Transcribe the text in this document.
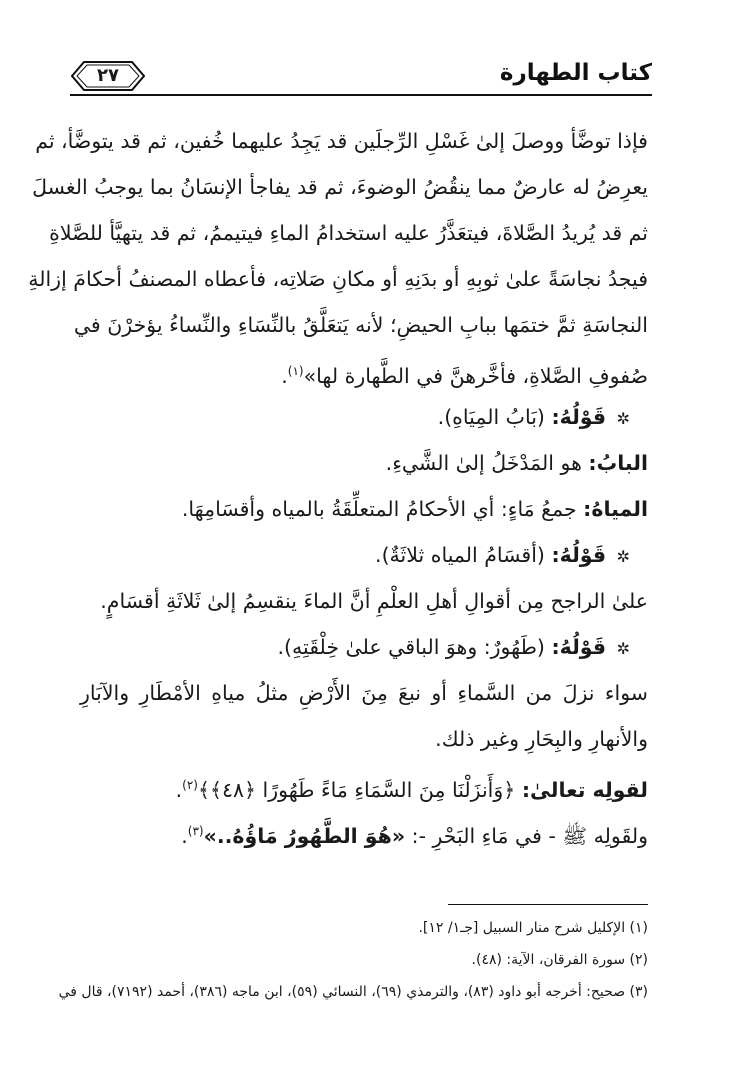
كتاب الطهارة
٢٧
فإذا توضَّأ ووصلَ إلىٰ غَسْلِ الرِّجلَين قد يَجِدُ عليهما خُفين، ثم قد يتوضَّأ، ثم
يعرِضُ له عارضٌ مما ينقُضُ الوضوءَ، ثم قد يفاجأ الإنسَانُ بما يوجبُ الغسلَ
ثم قد يُريدُ الصَّلاةَ، فيتعَذَّرُ عليه استخدامُ الماءِ فيتيممُ، ثم قد يتهيَّأ للصَّلاةِ
فيجدُ نجاسَةً علىٰ ثوبِهِ أو بدَنِهِ أو مكانِ صَلاتِه، فأعطاه المصنفُ أحكامَ إزالةِ
النجاسَةِ ثمَّ ختمَها ببابِ الحيضِ؛ لأنه يَتعَلَّقُ بالنِّسَاءِ والنِّساءُ يؤخرْنَ في
صُفوفِ الصَّلاةِ، فأخَّرهنَّ في الطَّهارة لها»$^{(١)}$.
✲ قَوْلُهُ: (بَابُ المِيَاهِ).
البابُ: هو المَدْخَلُ إلىٰ الشَّيءِ.
المياهُ: جمعُ مَاءٍ: أي الأحكامُ المتعلِّقَةُ بالمياه وأقسَامِهَا.
✲ قَوْلُهُ: (أقسَامُ المياه ثلاثَةٌ).
علىٰ الراجح مِن أقوالِ أهلِ العلْمِ أنَّ الماءَ ينقسِمُ إلىٰ ثَلاثَةِ أقسَامٍ.
✲ قَوْلُهُ: (طَهُورٌ: وهوَ الباقي علىٰ خِلْقَتِهِ).
سواء نزلَ من السَّماءِ أو نبعَ مِنَ الأَرْضِ مثلُ مياهِ الأمْطَارِ والآبَارِ
والأنهارِ والبِحَارِ وغير ذلك.
لقولِه تعالىٰ: ﴿وَأَنزَلْنَا مِنَ السَّمَاءِ مَاءً طَهُورًا ﴿٤٨﴾﴾$^{(٢)}$.
ولقَولِه ﷺ - في مَاءِ البَحْرِ -: «هُوَ الطَّهُورُ مَاؤُهُ..»$^{(٣)}$.
(١) الإكليل شرح منار السبيل [جـ١/ ١٢].
(٢) سورة الفرقان، الآية: (٤٨).
(٣) صحيح: أخرجه أبو داود (٨٣)، والترمذي (٦٩)، النسائي (٥٩)، ابن ماجه (٣٨٦)، أحمد (٧١٩٢)، قال في
